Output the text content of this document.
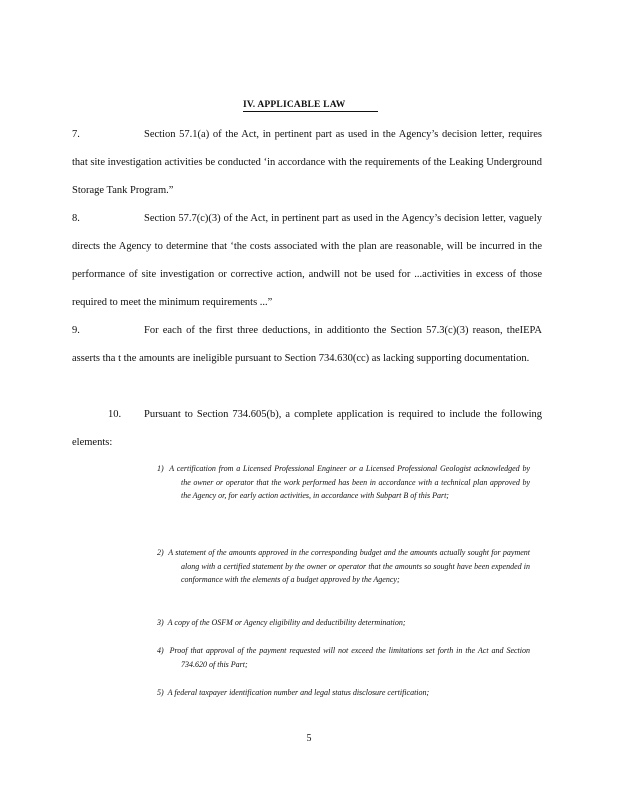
IV. APPLICABLE LAW
7.	Section 57.1(a) of the Act, in pertinent part as used in the Agency’s decision letter, requires that site investigation activities be conducted ‘in accordance with the requirements of the Leaking Underground Storage Tank Program.”
8.	Section 57.7(c)(3) of the Act, in pertinent part as used in the Agency’s decision letter, vaguely directs the Agency to determine that ‘the costs associated with the plan are reasonable, will be incurred in the performance of site investigation or corrective action, andwill not be used for ...activities in excess of those required to meet the minimum requirements ...”
9.	For each of the first three deductions, in additionto the Section 57.3(c)(3) reason, theIEPA asserts tha t the amounts are ineligible pursuant to Section 734.630(cc) as lacking supporting documentation.
10. Pursuant to Section 734.605(b), a complete application is required to include the following elements:
1) A certification from a Licensed Professional Engineer or a Licensed Professional Geologist acknowledged by the owner or operator that the work performed has been in accordance with a technical plan approved by the Agency or, for early action activities, in accordance with Subpart B of this Part;
2) A statement of the amounts approved in the corresponding budget and the amounts actually sought for payment along with a certified statement by the owner or operator that the amounts so sought have been expended in conformance with the elements of a budget approved by the Agency;
3) A copy of the OSFM or Agency eligibility and deductibility determination;
4) Proof that approval of the payment requested will not exceed the limitations set forth in the Act and Section 734.620 of this Part;
5) A federal taxpayer identification number and legal status disclosure certification;
5
